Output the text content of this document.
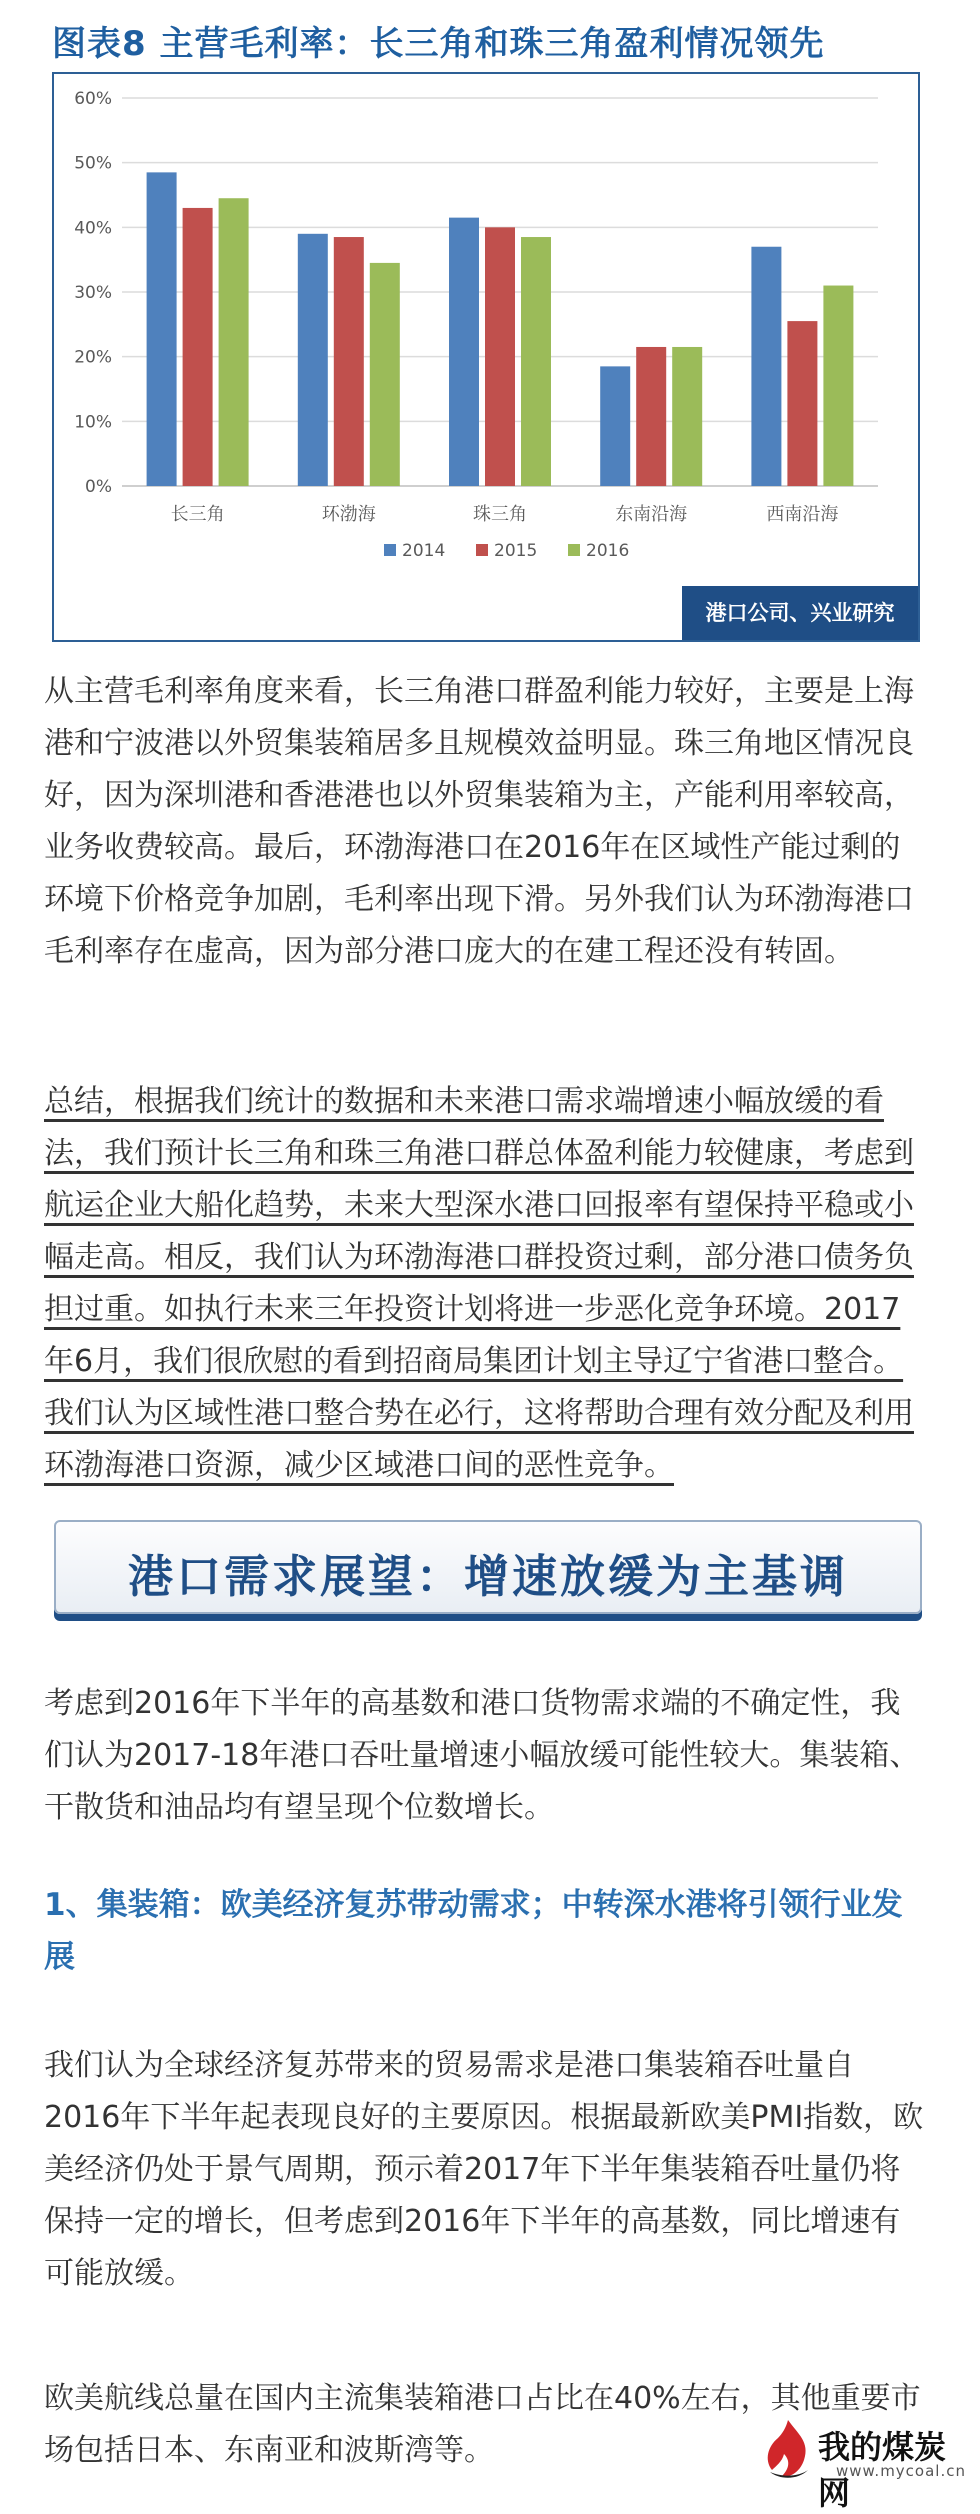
图表8 主营毛利率：长三角和珠三角盈利情况领先
0%
10%
20%
30%
40%
50%
60%
长三角	环渤海	珠三角	东南沿海	西南沿海
2014	2015	2016
港口公司、兴业研究

从主营毛利率角度来看，长三角港口群盈利能力较好，主要是上海港和宁波港以外贸集装箱居多且规模效益明显。珠三角地区情况良好，因为深圳港和香港港也以外贸集装箱为主，产能利用率较高，业务收费较高。最后，环渤海港口在2016年在区域性产能过剩的环境下价格竞争加剧，毛利率出现下滑。另外我们认为环渤海港口毛利率存在虚高，因为部分港口庞大的在建工程还没有转固。

总结，根据我们统计的数据和未来港口需求端增速小幅放缓的看法，我们预计长三角和珠三角港口群总体盈利能力较健康，考虑到航运企业大船化趋势，未来大型深水港口回报率有望保持平稳或小幅走高。相反，我们认为环渤海港口群投资过剩，部分港口债务负担过重。如执行未来三年投资计划将进一步恶化竞争环境。2017年6月，我们很欣慰的看到招商局集团计划主导辽宁省港口整合。我们认为区域性港口整合势在必行，这将帮助合理有效分配及利用环渤海港口资源，减少区域港口间的恶性竞争。

港口需求展望：增速放缓为主基调

考虑到2016年下半年的高基数和港口货物需求端的不确定性，我们认为2017-18年港口吞吐量增速小幅放缓可能性较大。集装箱、干散货和油品均有望呈现个位数增长。

1、集装箱：欧美经济复苏带动需求；中转深水港将引领行业发展

我们认为全球经济复苏带来的贸易需求是港口集装箱吞吐量自2016年下半年起表现良好的主要原因。根据最新欧美PMI指数，欧美经济仍处于景气周期，预示着2017年下半年集装箱吞吐量仍将保持一定的增长，但考虑到2016年下半年的高基数，同比增速有可能放缓。

欧美航线总量在国内主流集装箱港口占比在40%左右，其他重要市场包括日本、东南亚和波斯湾等。	我的煤炭网
www.mycoal.cn
